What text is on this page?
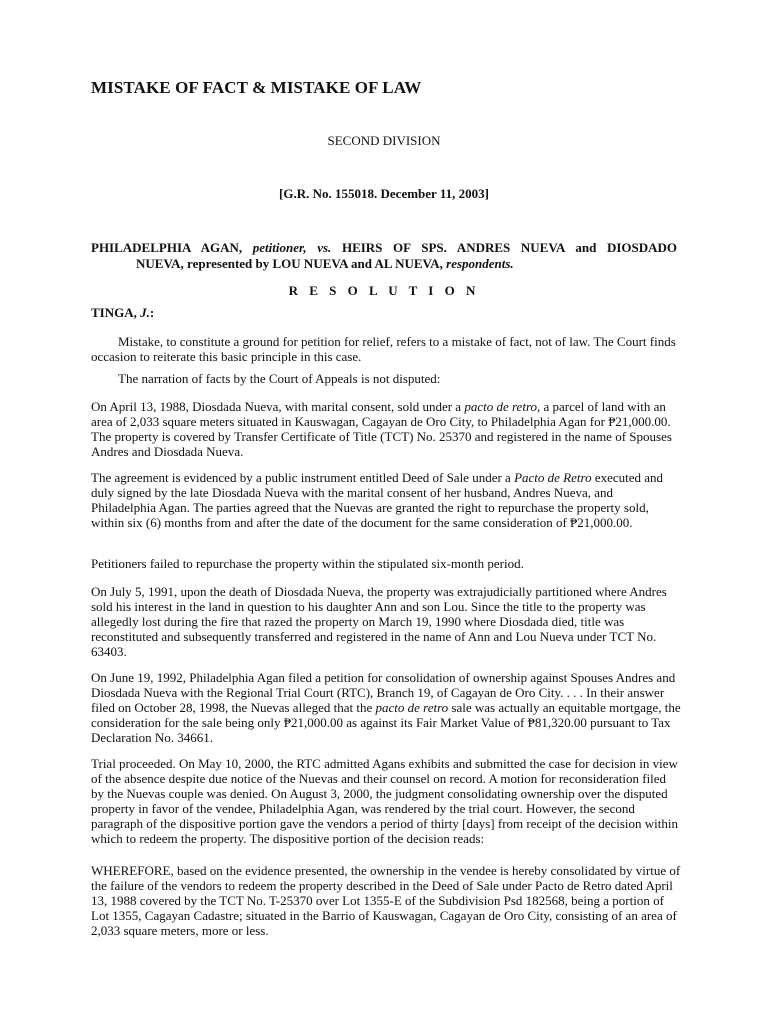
MISTAKE OF FACT & MISTAKE OF LAW
SECOND DIVISION
[G.R. No. 155018. December 11, 2003]
PHILADELPHIA AGAN, petitioner, vs. HEIRS OF SPS. ANDRES NUEVA and DIOSDADO
NUEVA, represented by LOU NUEVA and AL NUEVA, respondents.
R E S O L U T I O N
TINGA, J.:

Mistake, to constitute a ground for petition for relief, refers to a mistake of fact, not of law. The Court finds occasion to reiterate this basic principle in this case.

The narration of facts by the Court of Appeals is not disputed:

On April 13, 1988, Diosdada Nueva, with marital consent, sold under a pacto de retro, a parcel of land with an area of 2,033 square meters situated in Kauswagan, Cagayan de Oro City, to Philadelphia Agan for ₱21,000.00. The property is covered by Transfer Certificate of Title (TCT) No. 25370 and registered in the name of Spouses Andres and Diosdada Nueva.

The agreement is evidenced by a public instrument entitled Deed of Sale under a Pacto de Retro executed and duly signed by the late Diosdada Nueva with the marital consent of her husband, Andres Nueva, and Philadelphia Agan. The parties agreed that the Nuevas are granted the right to repurchase the property sold, within six (6) months from and after the date of the document for the same consideration of ₱21,000.00.

Petitioners failed to repurchase the property within the stipulated six-month period.

On July 5, 1991, upon the death of Diosdada Nueva, the property was extrajudicially partitioned where Andres sold his interest in the land in question to his daughter Ann and son Lou. Since the title to the property was allegedly lost during the fire that razed the property on March 19, 1990 where Diosdada died, title was reconstituted and subsequently transferred and registered in the name of Ann and Lou Nueva under TCT No. 63403.

On June 19, 1992, Philadelphia Agan filed a petition for consolidation of ownership against Spouses Andres and Diosdada Nueva with the Regional Trial Court (RTC), Branch 19, of Cagayan de Oro City. . . . In their answer filed on October 28, 1998, the Nuevas alleged that the pacto de retro sale was actually an equitable mortgage, the consideration for the sale being only ₱21,000.00 as against its Fair Market Value of ₱81,320.00 pursuant to Tax Declaration No. 34661.

Trial proceeded. On May 10, 2000, the RTC admitted Agans exhibits and submitted the case for decision in view of the absence despite due notice of the Nuevas and their counsel on record. A motion for reconsideration filed by the Nuevas couple was denied. On August 3, 2000, the judgment consolidating ownership over the disputed property in favor of the vendee, Philadelphia Agan, was rendered by the trial court. However, the second paragraph of the dispositive portion gave the vendors a period of thirty [days] from receipt of the decision within which to redeem the property. The dispositive portion of the decision reads:

WHEREFORE, based on the evidence presented, the ownership in the vendee is hereby consolidated by virtue of the failure of the vendors to redeem the property described in the Deed of Sale under Pacto de Retro dated April 13, 1988 covered by the TCT No. T-25370 over Lot 1355-E of the Subdivision Psd 182568, being a portion of Lot 1355, Cagayan Cadastre; situated in the Barrio of Kauswagan, Cagayan de Oro City, consisting of an area of 2,033 square meters, more or less.
